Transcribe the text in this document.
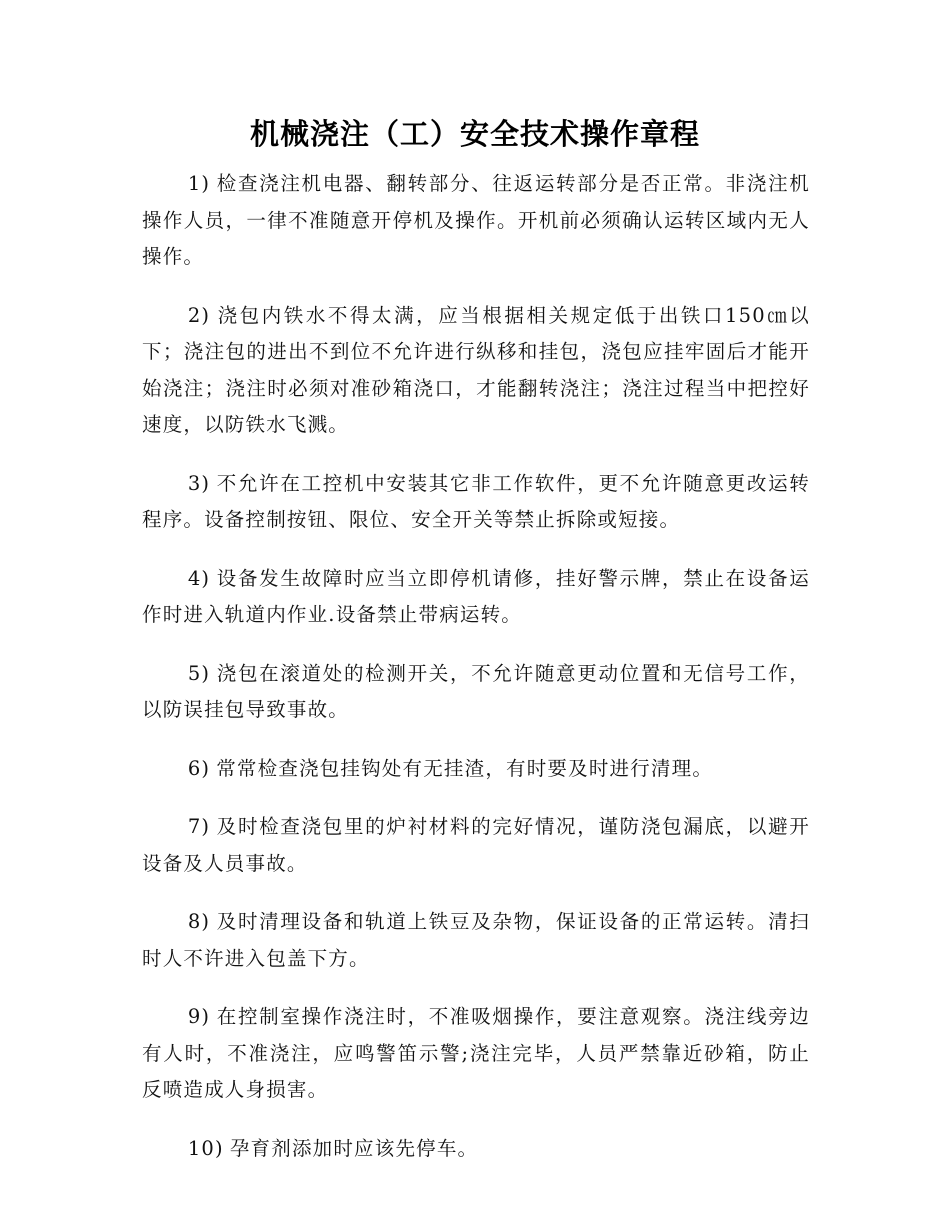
机械浇注（工）安全技术操作章程

1) 检查浇注机电器、翻转部分、往返运转部分是否正常。非浇注机操作人员，一律不准随意开停机及操作。开机前必须确认运转区域内无人操作。

2) 浇包内铁水不得太满，应当根据相关规定低于出铁口150㎝以下；浇注包的进出不到位不允许进行纵移和挂包，浇包应挂牢固后才能开始浇注；浇注时必须对准砂箱浇口，才能翻转浇注；浇注过程当中把控好速度，以防铁水飞溅。

3) 不允许在工控机中安装其它非工作软件，更不允许随意更改运转程序。设备控制按钮、限位、安全开关等禁止拆除或短接。

4) 设备发生故障时应当立即停机请修，挂好警示牌，禁止在设备运作时进入轨道内作业.设备禁止带病运转。

5) 浇包在滚道处的检测开关，不允许随意更动位置和无信号工作，以防误挂包导致事故。

6) 常常检查浇包挂钩处有无挂渣，有时要及时进行清理。

7) 及时检查浇包里的炉衬材料的完好情况，谨防浇包漏底，以避开设备及人员事故。

8) 及时清理设备和轨道上铁豆及杂物，保证设备的正常运转。清扫时人不许进入包盖下方。

9) 在控制室操作浇注时，不准吸烟操作，要注意观察。浇注线旁边有人时，不准浇注，应鸣警笛示警;浇注完毕，人员严禁靠近砂箱，防止反喷造成人身损害。

10) 孕育剂添加时应该先停车。
